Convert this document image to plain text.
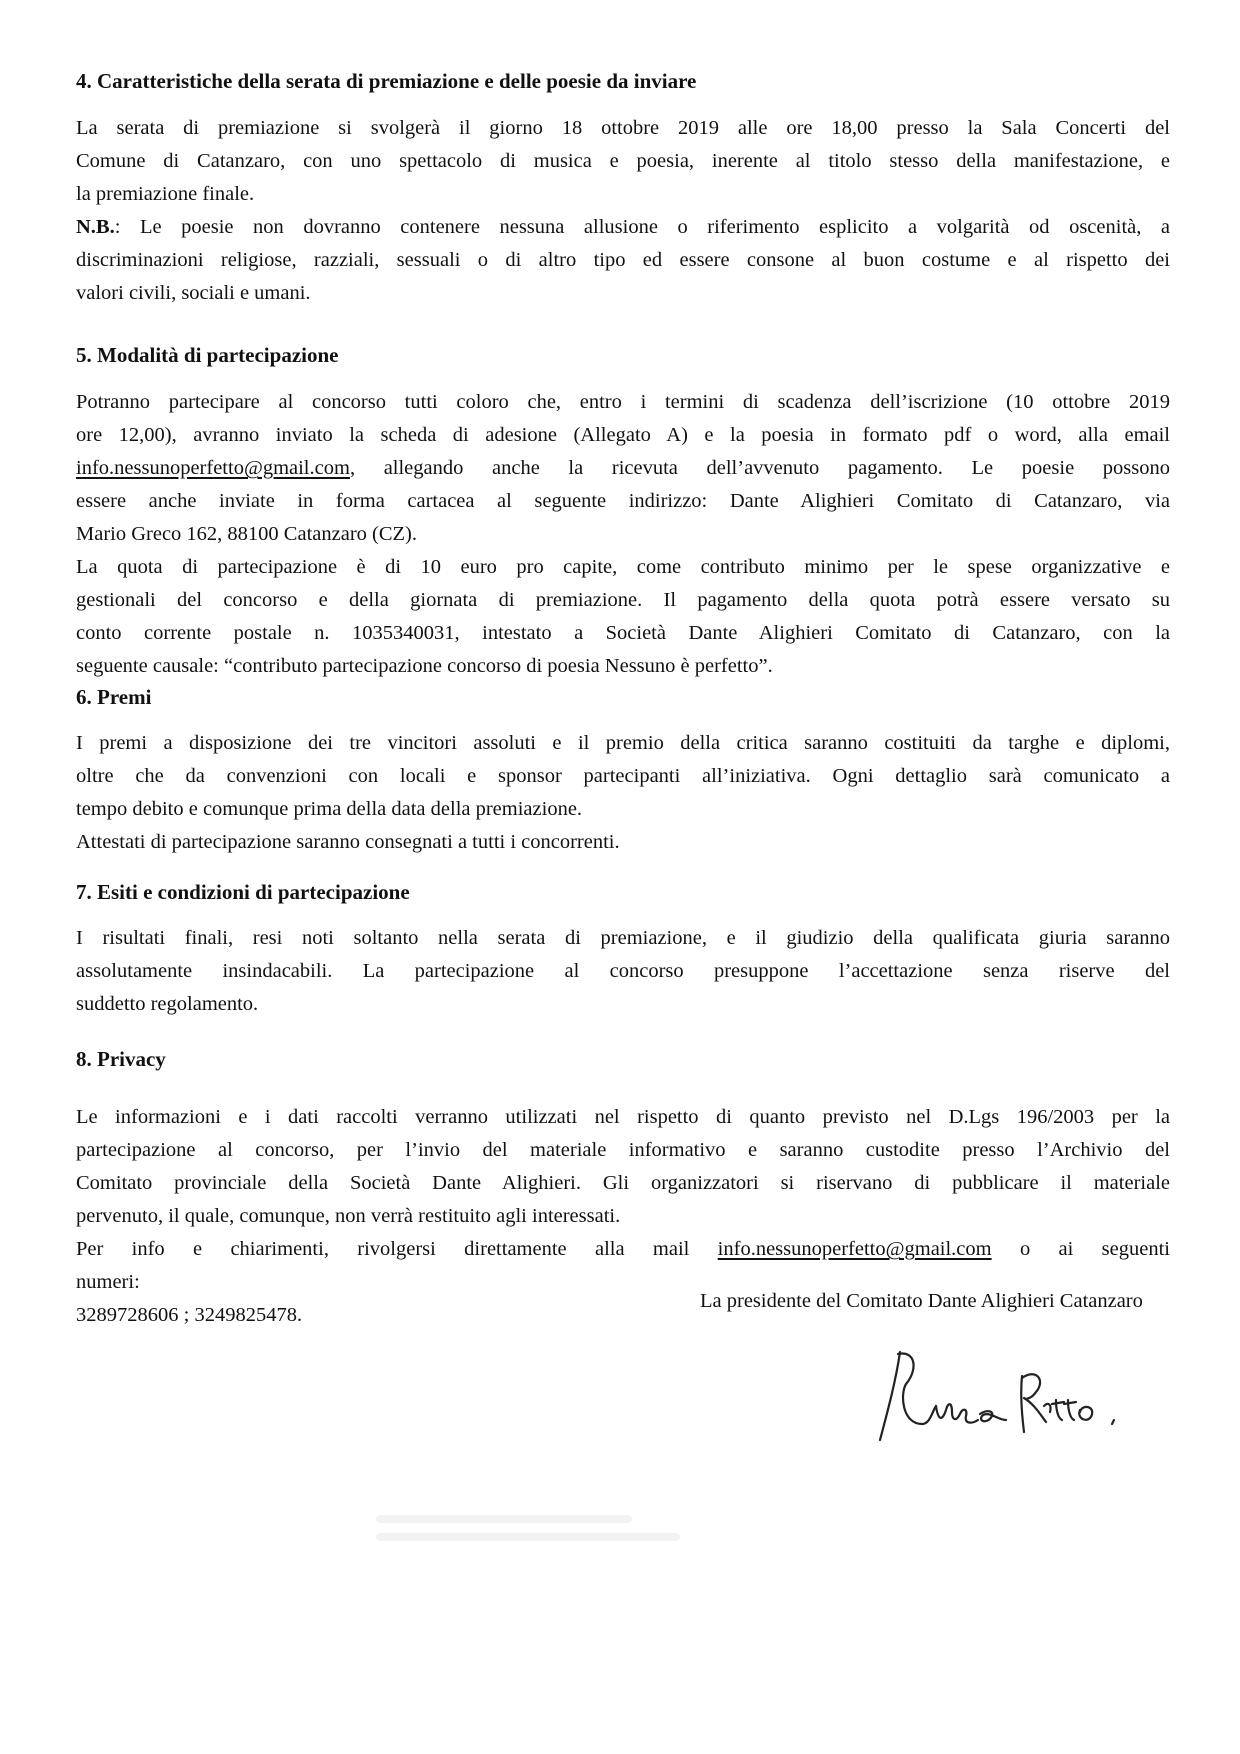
4. Caratteristiche della serata di premiazione e delle poesie da inviare
La serata di premiazione si svolgerà il giorno 18 ottobre 2019 alle ore 18,00 presso la Sala Concerti del
Comune di Catanzaro, con uno spettacolo di musica e poesia, inerente al titolo stesso della manifestazione, e
la premiazione finale.
N.B.: Le poesie non dovranno contenere nessuna allusione o riferimento esplicito a volgarità od oscenità, a
discriminazioni religiose, razziali, sessuali o di altro tipo ed essere consone al buon costume e al rispetto dei
valori civili, sociali e umani.
5. Modalità di partecipazione
Potranno partecipare al concorso tutti coloro che, entro i termini di scadenza dell’iscrizione (10 ottobre 2019
ore 12,00), avranno inviato la scheda di adesione (Allegato A) e la poesia in formato pdf o word, alla email
info.nessunoperfetto@gmail.com, allegando anche la ricevuta dell’avvenuto pagamento. Le poesie possono
essere anche inviate in forma cartacea al seguente indirizzo: Dante Alighieri Comitato di Catanzaro, via
Mario Greco 162, 88100 Catanzaro (CZ).
La quota di partecipazione è di 10 euro pro capite, come contributo minimo per le spese organizzative e
gestionali del concorso e della giornata di premiazione. Il pagamento della quota potrà essere versato su
conto corrente postale n. 1035340031, intestato a Società Dante Alighieri Comitato di Catanzaro, con la
seguente causale: “contributo partecipazione concorso di poesia Nessuno è perfetto”.
6. Premi
I premi a disposizione dei tre vincitori assoluti e il premio della critica saranno costituiti da targhe e diplomi,
oltre che da convenzioni con locali e sponsor partecipanti all’iniziativa. Ogni dettaglio sarà comunicato a
tempo debito e comunque prima della data della premiazione.
Attestati di partecipazione saranno consegnati a tutti i concorrenti.
7. Esiti e condizioni di partecipazione
I risultati finali, resi noti soltanto nella serata di premiazione, e il giudizio della qualificata giuria saranno
assolutamente insindacabili. La partecipazione al concorso presuppone l’accettazione senza riserve del
suddetto regolamento.
8. Privacy
Le informazioni e i dati raccolti verranno utilizzati nel rispetto di quanto previsto nel D.Lgs 196/2003 per la
partecipazione al concorso, per l’invio del materiale informativo e saranno custodite presso l’Archivio del
Comitato provinciale della Società Dante Alighieri. Gli organizzatori si riservano di pubblicare il materiale
pervenuto, il quale, comunque, non verrà restituito agli interessati.
Per info e chiarimenti, rivolgersi direttamente alla mail info.nessunoperfetto@gmail.com o ai seguenti
numeri:
3289728606 ; 3249825478.
La presidente del Comitato Dante Alighieri Catanzaro
